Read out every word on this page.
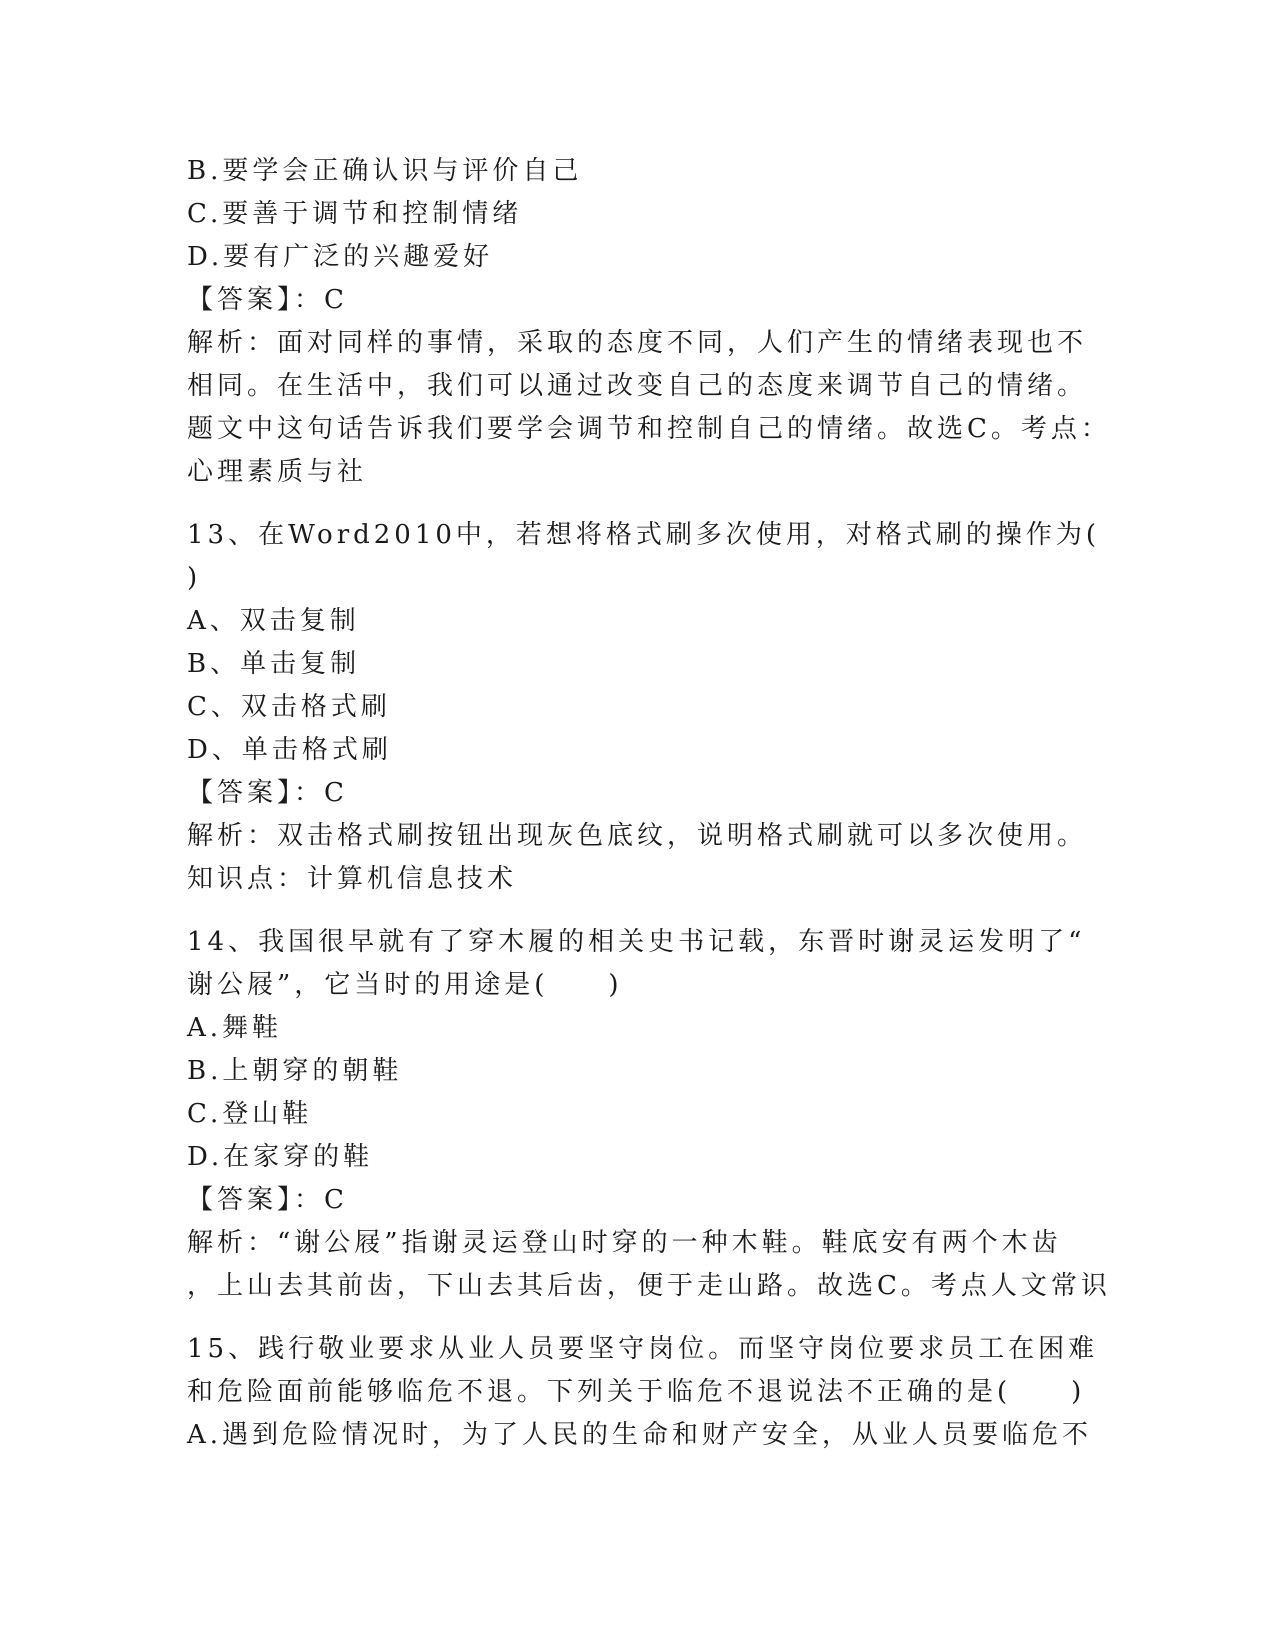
B.要学会正确认识与评价自己
C.要善于调节和控制情绪
D.要有广泛的兴趣爱好
【答案】：C
解析：面对同样的事情，采取的态度不同，人们产生的情绪表现也不
相同。在生活中，我们可以通过改变自己的态度来调节自己的情绪。
题文中这句话告诉我们要学会调节和控制自己的情绪。故选C。考点：
心理素质与社
13、在Word2010中，若想将格式刷多次使用，对格式刷的操作为(
)
A、双击复制
B、单击复制
C、双击格式刷
D、单击格式刷
【答案】：C
解析：双击格式刷按钮出现灰色底纹，说明格式刷就可以多次使用。
知识点：计算机信息技术
14、我国很早就有了穿木履的相关史书记载，东晋时谢灵运发明了“
谢公屐”，它当时的用途是(　　)
A.舞鞋
B.上朝穿的朝鞋
C.登山鞋
D.在家穿的鞋
【答案】：C
解析：“谢公屐”指谢灵运登山时穿的一种木鞋。鞋底安有两个木齿
，上山去其前齿，下山去其后齿，便于走山路。故选C。考点人文常识
15、践行敬业要求从业人员要坚守岗位。而坚守岗位要求员工在困难
和危险面前能够临危不退。下列关于临危不退说法不正确的是(　　)
A.遇到危险情况时，为了人民的生命和财产安全，从业人员要临危不
